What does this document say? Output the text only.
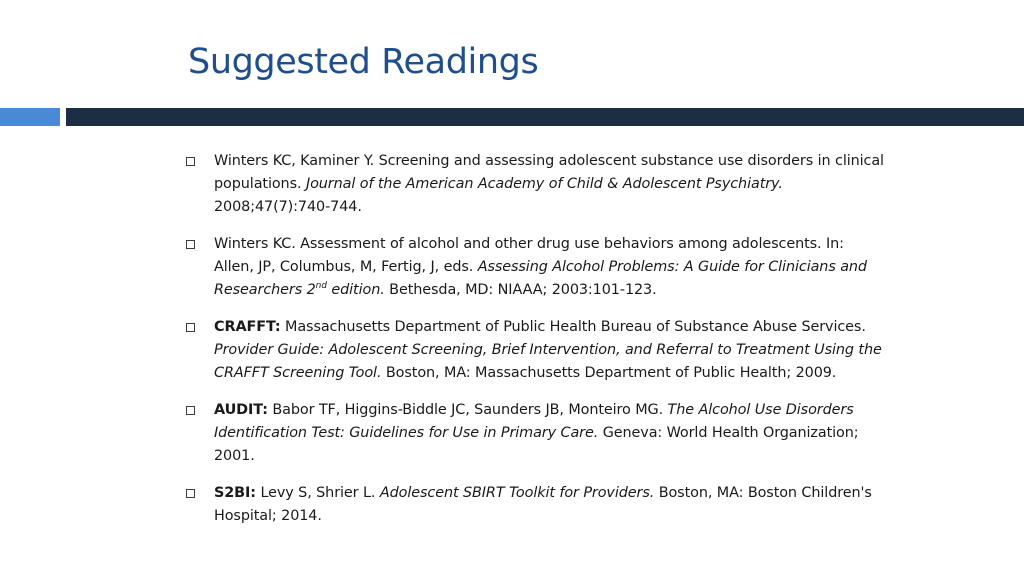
Suggested Readings
Winters KC, Kaminer Y. Screening and assessing adolescent substance use disorders in clinical populations. Journal of the American Academy of Child & Adolescent Psychiatry. 2008;47(7):740-744.
Winters KC. Assessment of alcohol and other drug use behaviors among adolescents. In: Allen, JP, Columbus, M, Fertig, J, eds. Assessing Alcohol Problems: A Guide for Clinicians and Researchers 2nd edition. Bethesda, MD: NIAAA; 2003:101-123.
CRAFFT: Massachusetts Department of Public Health Bureau of Substance Abuse Services. Provider Guide: Adolescent Screening, Brief Intervention, and Referral to Treatment Using the CRAFFT Screening Tool. Boston, MA: Massachusetts Department of Public Health; 2009.
AUDIT: Babor TF, Higgins-Biddle JC, Saunders JB, Monteiro MG. The Alcohol Use Disorders Identification Test: Guidelines for Use in Primary Care. Geneva: World Health Organization; 2001.
S2BI: Levy S, Shrier L. Adolescent SBIRT Toolkit for Providers. Boston, MA: Boston Children's Hospital; 2014.
